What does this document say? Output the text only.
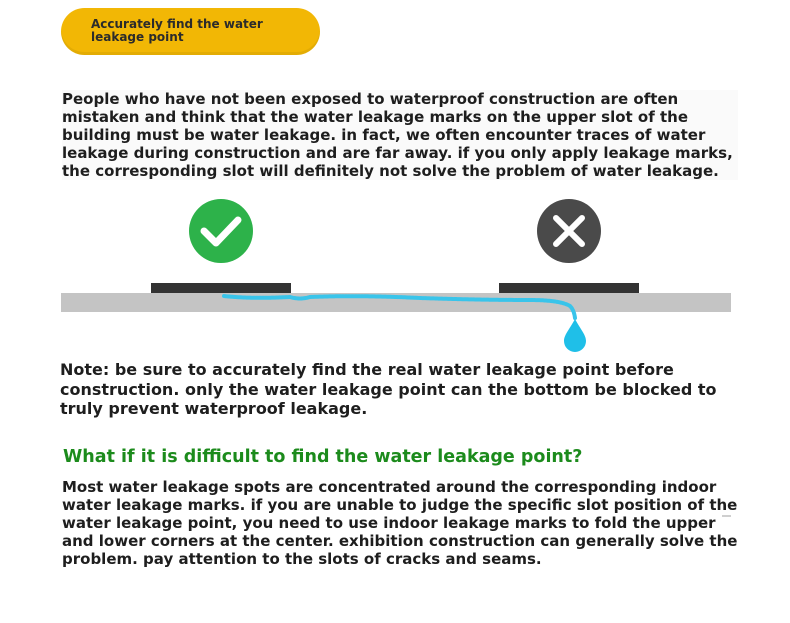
Accurately find the water leakage point
People who have not been exposed to waterproof construction are often mistaken and think that the water leakage marks on the upper slot of the building must be water leakage. in fact, we often encounter traces of water leakage during construction and are far away. if you only apply leakage marks, the corresponding slot will definitely not solve the problem of water leakage.
Note: be sure to accurately find the real water leakage point before construction. only the water leakage point can the bottom be blocked to truly prevent waterproof leakage.
What if it is difficult to find the water leakage point?
Most water leakage spots are concentrated around the corresponding indoor water leakage marks. if you are unable to judge the specific slot position of the water leakage point, you need to use indoor leakage marks to fold the upper and lower corners at the center. exhibition construction can generally solve the problem. pay attention to the slots of cracks and seams.
